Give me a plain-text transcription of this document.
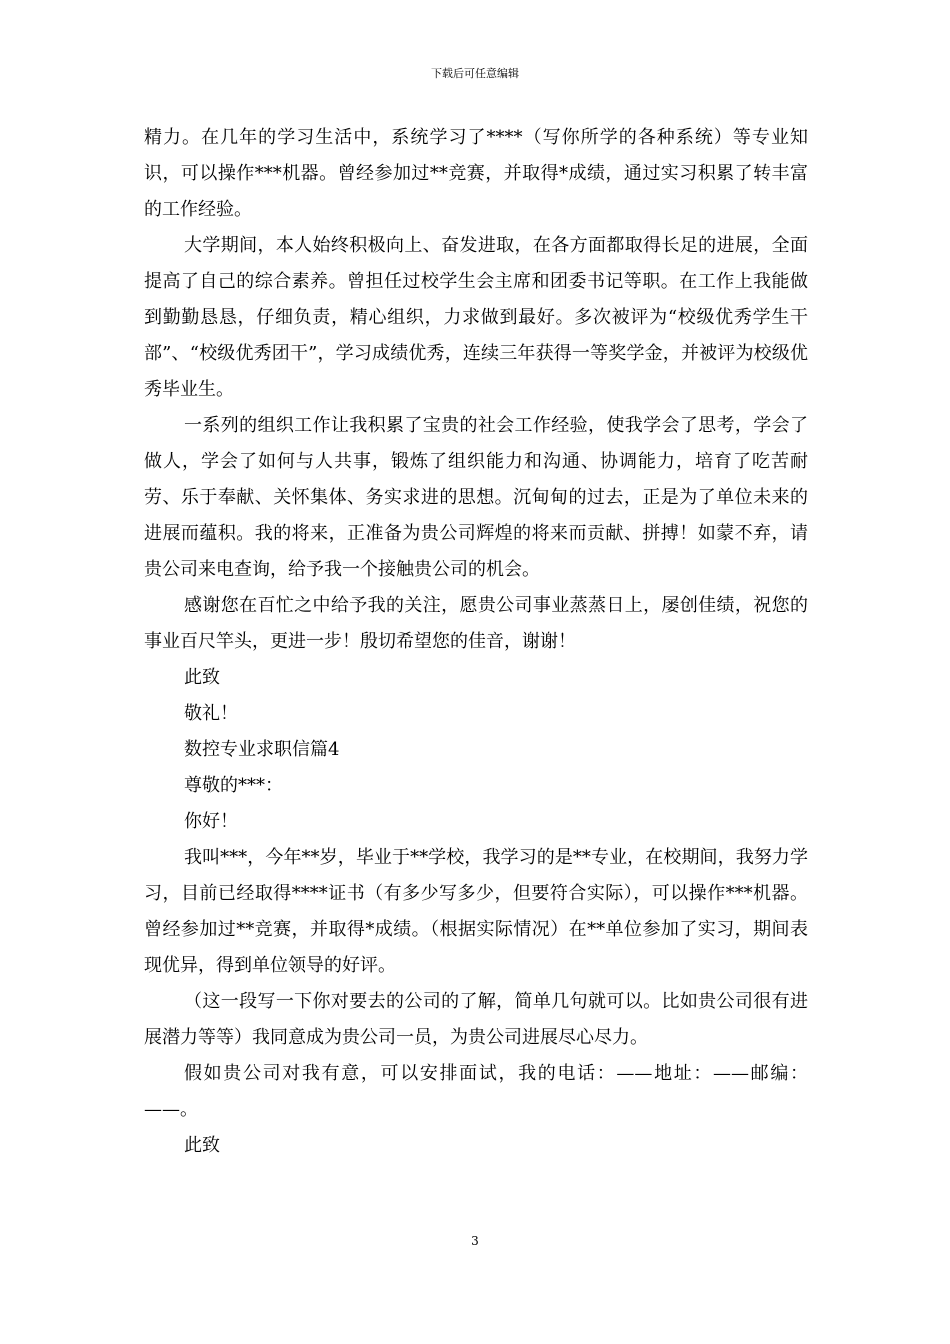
下载后可任意编辑

精力。在几年的学习生活中，系统学习了****（写你所学的各种系统）等专业知识，可以操作***机器。曾经参加过**竞赛，并取得*成绩，通过实习积累了转丰富的工作经验。

大学期间，本人始终积极向上、奋发进取，在各方面都取得长足的进展，全面提高了自己的综合素养。曾担任过校学生会主席和团委书记等职。在工作上我能做到勤勤恳恳，仔细负责，精心组织，力求做到最好。多次被评为“校级优秀学生干部”、“校级优秀团干”，学习成绩优秀，连续三年获得一等奖学金，并被评为校级优秀毕业生。

一系列的组织工作让我积累了宝贵的社会工作经验，使我学会了思考，学会了做人，学会了如何与人共事，锻炼了组织能力和沟通、协调能力，培育了吃苦耐劳、乐于奉献、关怀集体、务实求进的思想。沉甸甸的过去，正是为了单位未来的进展而蕴积。我的将来，正准备为贵公司辉煌的将来而贡献、拼搏！如蒙不弃，请贵公司来电查询，给予我一个接触贵公司的机会。

感谢您在百忙之中给予我的关注，愿贵公司事业蒸蒸日上，屡创佳绩，祝您的事业百尺竿头，更进一步！殷切希望您的佳音，谢谢！

此致

敬礼！

数控专业求职信篇4

尊敬的***：

你好！

我叫***，今年**岁，毕业于**学校，我学习的是**专业，在校期间，我努力学习，目前已经取得****证书（有多少写多少，但要符合实际），可以操作***机器。曾经参加过**竞赛，并取得*成绩。（根据实际情况）在**单位参加了实习，期间表现优异，得到单位领导的好评。

（这一段写一下你对要去的公司的了解，简单几句就可以。比如贵公司很有进展潜力等等）我同意成为贵公司一员，为贵公司进展尽心尽力。

假如贵公司对我有意，可以安排面试，我的电话：——地址：——邮编：——。

此致

3
